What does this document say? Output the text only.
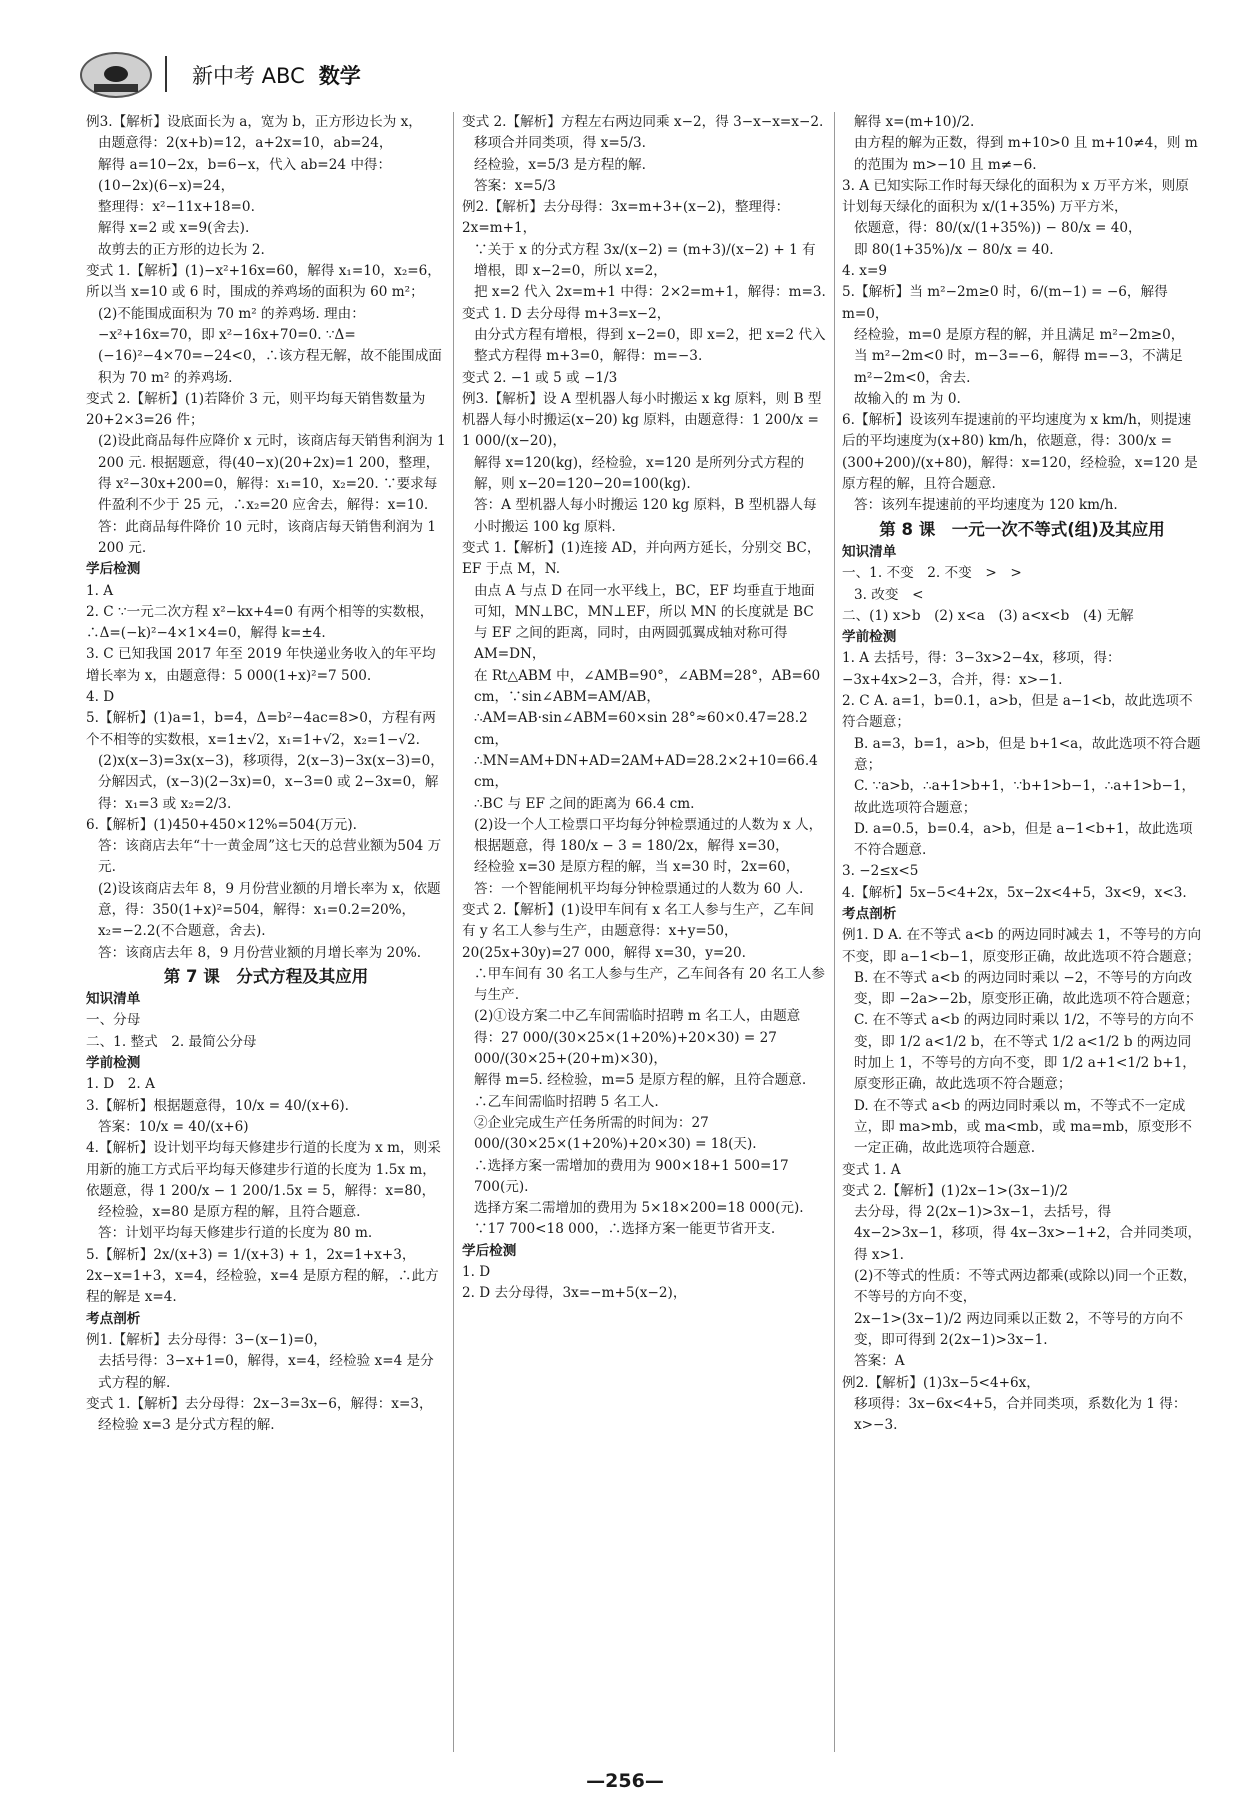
新中考 ABC 数学

例3.【解析】设底面长为 a，宽为 b，正方形边长为 x，

由题意得：2(x+b)=12，a+2x=10，ab=24，

解得 a=10−2x，b=6−x，代入 ab=24 中得：(10−2x)(6−x)=24，

整理得：x²−11x+18=0.

解得 x=2 或 x=9(舍去).

故剪去的正方形的边长为 2.

变式 1.【解析】(1)−x²+16x=60，解得 x₁=10，x₂=6，所以当 x=10 或 6 时，围成的养鸡场的面积为 60 m²；

(2)不能围成面积为 70 m² 的养鸡场. 理由：−x²+16x=70，即 x²−16x+70=0. ∵Δ=(−16)²−4×70=−24<0，∴该方程无解，故不能围成面积为 70 m² 的养鸡场.

变式 2.【解析】(1)若降价 3 元，则平均每天销售数量为 20+2×3=26 件；

(2)设此商品每件应降价 x 元时，该商店每天销售利润为 1 200 元. 根据题意，得(40−x)(20+2x)=1 200，整理，得 x²−30x+200=0，解得：x₁=10，x₂=20. ∵要求每件盈利不少于 25 元，∴x₂=20 应舍去，解得：x=10.

答：此商品每件降价 10 元时，该商店每天销售利润为 1 200 元.

学后检测

1. A

2. C ∵一元二次方程 x²−kx+4=0 有两个相等的实数根，∴Δ=(−k)²−4×1×4=0，解得 k=±4.

3. C 已知我国 2017 年至 2019 年快递业务收入的年平均增长率为 x，由题意得：5 000(1+x)²=7 500.

4. D

5.【解析】(1)a=1，b=4，Δ=b²−4ac=8>0，方程有两个不相等的实数根，x=1±√2，x₁=1+√2，x₂=1−√2.

(2)x(x−3)=3x(x−3)，移项得，2(x−3)−3x(x−3)=0，分解因式，(x−3)(2−3x)=0，x−3=0 或 2−3x=0，解得：x₁=3 或 x₂=2/3.

6.【解析】(1)450+450×12%=504(万元).

答：该商店去年“十一黄金周”这七天的总营业额为504 万元.

(2)设该商店去年 8，9 月份营业额的月增长率为 x，依题意，得：350(1+x)²=504，解得：x₁=0.2=20%，x₂=−2.2(不合题意，舍去).

答：该商店去年 8，9 月份营业额的月增长率为 20%.

第 7 课　分式方程及其应用

知识清单

一、分母

二、1. 整式　2. 最简公分母

学前检测

1. D　2. A

3.【解析】根据题意得，10/x = 40/(x+6).

答案：10/x = 40/(x+6)

4.【解析】设计划平均每天修建步行道的长度为 x m，则采用新的施工方式后平均每天修建步行道的长度为 1.5x m，依题意，得 1 200/x − 1 200/1.5x = 5，解得：x=80，

经检验，x=80 是原方程的解，且符合题意.

答：计划平均每天修建步行道的长度为 80 m.

5.【解析】2x/(x+3) = 1/(x+3) + 1，2x=1+x+3，2x−x=1+3，x=4，经检验，x=4 是原方程的解，∴此方程的解是 x=4.

考点剖析

例1.【解析】去分母得：3−(x−1)=0，

去括号得：3−x+1=0，解得，x=4，经检验 x=4 是分式方程的解.

变式 1.【解析】去分母得：2x−3=3x−6，解得：x=3，

经检验 x=3 是分式方程的解.

变式 2.【解析】方程左右两边同乘 x−2，得 3−x−x=x−2.

移项合并同类项，得 x=5/3.

经检验，x=5/3 是方程的解.

答案：x=5/3

例2.【解析】去分母得：3x=m+3+(x−2)，整理得：2x=m+1，

∵关于 x 的分式方程 3x/(x−2) = (m+3)/(x−2) + 1 有增根，即 x−2=0，所以 x=2，

把 x=2 代入 2x=m+1 中得：2×2=m+1，解得：m=3.

变式 1. D 去分母得 m+3=x−2，

由分式方程有增根，得到 x−2=0，即 x=2，把 x=2 代入整式方程得 m+3=0，解得：m=−3.

变式 2. −1 或 5 或 −1/3

例3.【解析】设 A 型机器人每小时搬运 x kg 原料，则 B 型机器人每小时搬运(x−20) kg 原料，由题意得：1 200/x = 1 000/(x−20)，

解得 x=120(kg)，经检验，x=120 是所列分式方程的解，则 x−20=120−20=100(kg).

答：A 型机器人每小时搬运 120 kg 原料，B 型机器人每小时搬运 100 kg 原料.

变式 1.【解析】(1)连接 AD，并向两方延长，分别交 BC，EF 于点 M，N.

由点 A 与点 D 在同一水平线上，BC，EF 均垂直于地面可知，MN⊥BC，MN⊥EF，所以 MN 的长度就是 BC 与 EF 之间的距离，同时，由两圆弧翼成轴对称可得 AM=DN，

在 Rt△ABM 中，∠AMB=90°，∠ABM=28°，AB=60 cm，∵sin∠ABM=AM/AB，

∴AM=AB·sin∠ABM=60×sin 28°≈60×0.47=28.2 cm，∴MN=AM+DN+AD=2AM+AD=28.2×2+10=66.4 cm，

∴BC 与 EF 之间的距离为 66.4 cm.

(2)设一个人工检票口平均每分钟检票通过的人数为 x 人，根据题意，得 180/x − 3 = 180/2x，解得 x=30，

经检验 x=30 是原方程的解，当 x=30 时，2x=60，

答：一个智能闸机平均每分钟检票通过的人数为 60 人.

变式 2.【解析】(1)设甲车间有 x 名工人参与生产，乙车间有 y 名工人参与生产，由题意得：x+y=50，20(25x+30y)=27 000，解得 x=30，y=20.

∴甲车间有 30 名工人参与生产，乙车间各有 20 名工人参与生产.

(2)①设方案二中乙车间需临时招聘 m 名工人，由题意得：27 000/(30×25×(1+20%)+20×30) = 27 000/(30×25+(20+m)×30)，

解得 m=5. 经检验，m=5 是原方程的解，且符合题意.

∴乙车间需临时招聘 5 名工人.

②企业完成生产任务所需的时间为：27 000/(30×25×(1+20%)+20×30) = 18(天).

∴选择方案一需增加的费用为 900×18+1 500=17 700(元).

选择方案二需增加的费用为 5×18×200=18 000(元).

∵17 700<18 000，∴选择方案一能更节省开支.

学后检测

1. D

2. D 去分母得，3x=−m+5(x−2)，

解得 x=(m+10)/2.

由方程的解为正数，得到 m+10>0 且 m+10≠4，则 m 的范围为 m>−10 且 m≠−6.

3. A 已知实际工作时每天绿化的面积为 x 万平方米，则原计划每天绿化的面积为 x/(1+35%) 万平方米，

依题意，得：80/(x/(1+35%)) − 80/x = 40，

即 80(1+35%)/x − 80/x = 40.

4. x=9

5.【解析】当 m²−2m≥0 时，6/(m−1) = −6，解得 m=0，

经检验，m=0 是原方程的解，并且满足 m²−2m≥0，

当 m²−2m<0 时，m−3=−6，解得 m=−3，不满足 m²−2m<0，舍去.

故输入的 m 为 0.

6.【解析】设该列车提速前的平均速度为 x km/h，则提速后的平均速度为(x+80) km/h，依题意，得：300/x = (300+200)/(x+80)，解得：x=120，经检验，x=120 是原方程的解，且符合题意.

答：该列车提速前的平均速度为 120 km/h.

第 8 课　一元一次不等式(组)及其应用

知识清单

一、1. 不变　2. 不变　>　>

3. 改变　<

二、(1) x>b　(2) x<a　(3) a<x<b　(4) 无解

学前检测

1. A 去括号，得：3−3x>2−4x，移项，得：−3x+4x>2−3，合并，得：x>−1.

2. C A. a=1，b=0.1，a>b，但是 a−1<b，故此选项不符合题意；

B. a=3，b=1，a>b，但是 b+1<a，故此选项不符合题意；

C. ∵a>b，∴a+1>b+1，∵b+1>b−1，∴a+1>b−1，故此选项符合题意；

D. a=0.5，b=0.4，a>b，但是 a−1<b+1，故此选项不符合题意.

3. −2≤x<5

4.【解析】5x−5<4+2x，5x−2x<4+5，3x<9，x<3.

考点剖析

例1. D A. 在不等式 a<b 的两边同时减去 1，不等号的方向不变，即 a−1<b−1，原变形正确，故此选项不符合题意；

B. 在不等式 a<b 的两边同时乘以 −2，不等号的方向改变，即 −2a>−2b，原变形正确，故此选项不符合题意；

C. 在不等式 a<b 的两边同时乘以 1/2，不等号的方向不变，即 1/2 a<1/2 b，在不等式 1/2 a<1/2 b 的两边同时加上 1，不等号的方向不变，即 1/2 a+1<1/2 b+1，原变形正确，故此选项不符合题意；

D. 在不等式 a<b 的两边同时乘以 m，不等式不一定成立，即 ma>mb，或 ma<mb，或 ma=mb，原变形不一定正确，故此选项符合题意.

变式 1. A

变式 2.【解析】(1)2x−1>(3x−1)/2

去分母，得 2(2x−1)>3x−1，去括号，得 4x−2>3x−1，移项，得 4x−3x>−1+2，合并同类项，得 x>1.

(2)不等式的性质：不等式两边都乘(或除以)同一个正数，不等号的方向不变，

2x−1>(3x−1)/2 两边同乘以正数 2，不等号的方向不变，即可得到 2(2x−1)>3x−1.

答案：A

例2.【解析】(1)3x−5<4+6x，

移项得：3x−6x<4+5，合并同类项，系数化为 1 得：x>−3.

—256—
